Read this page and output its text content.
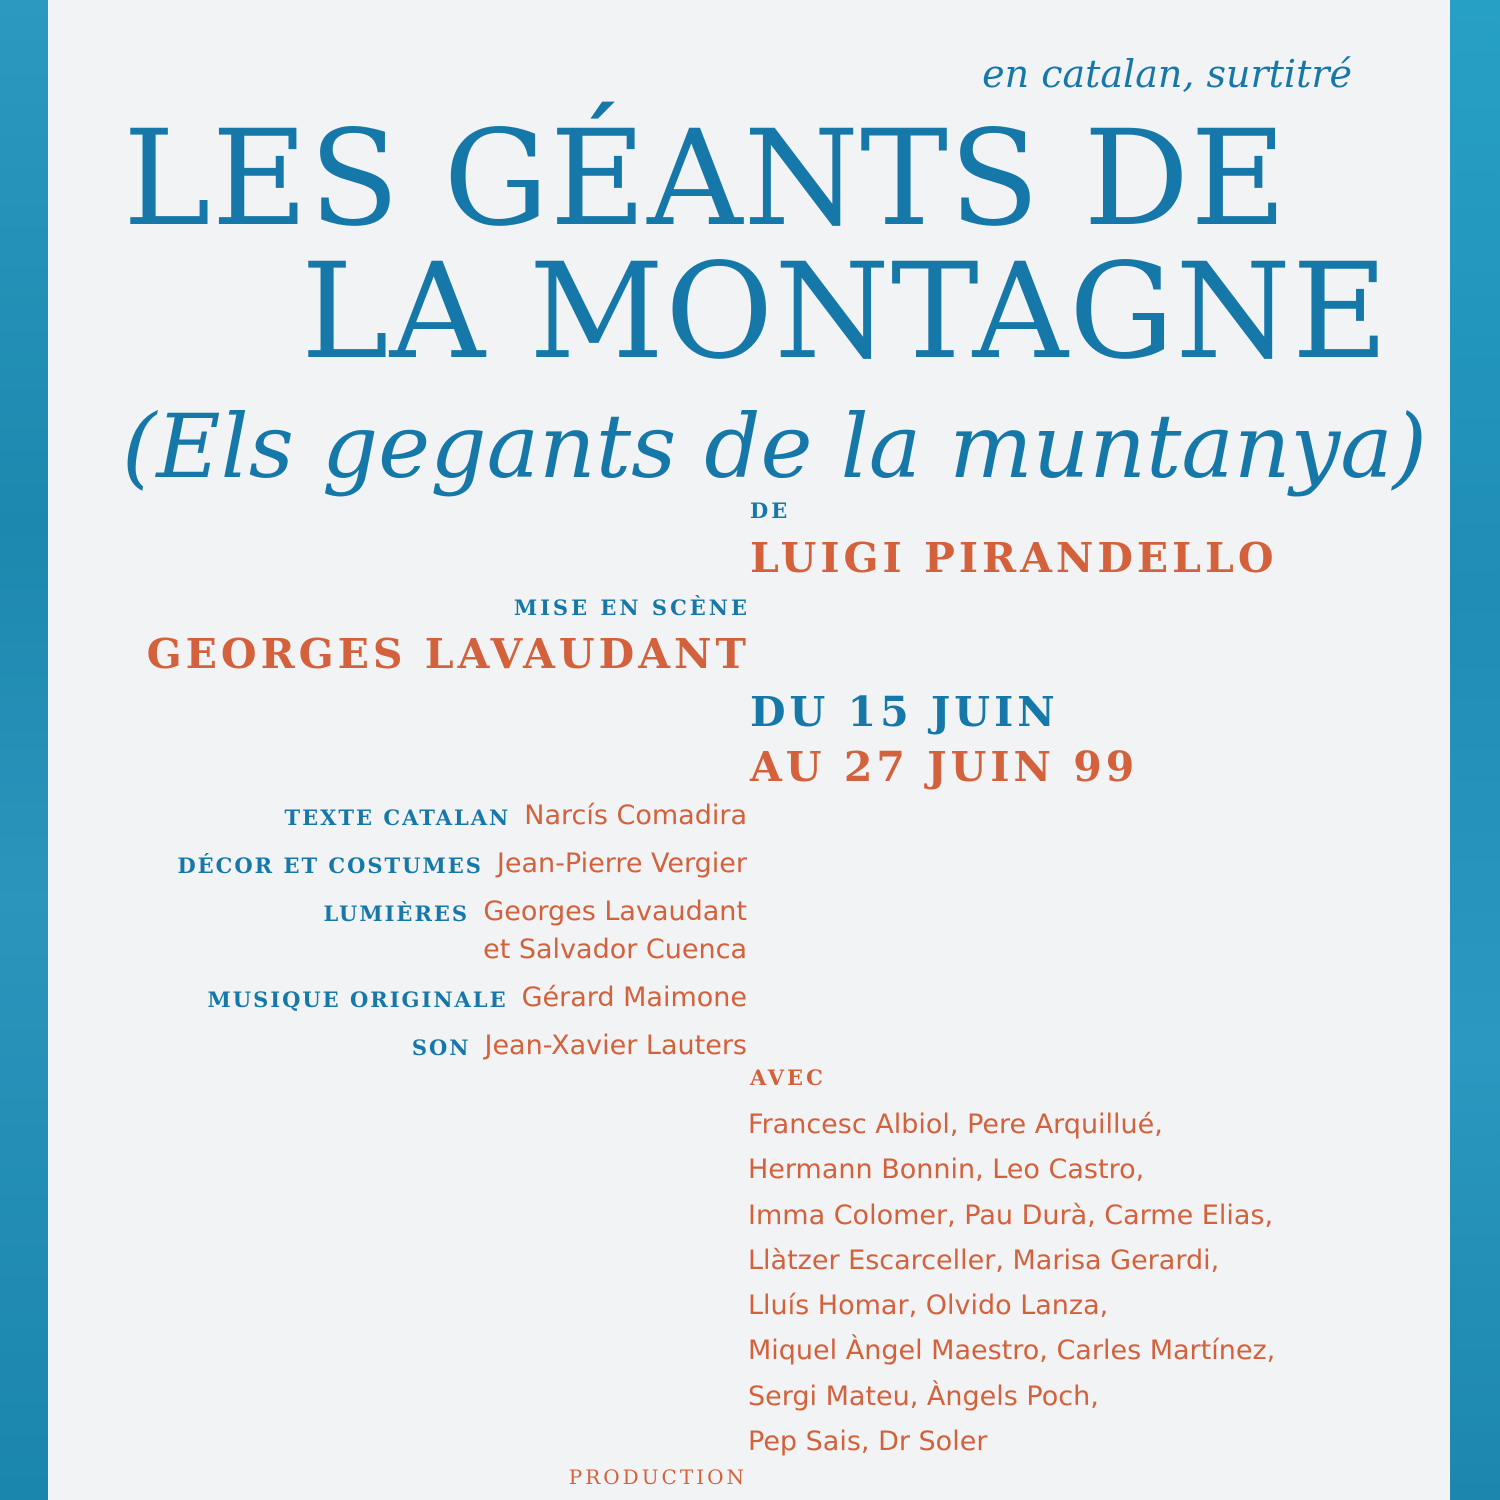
en catalan, surtitré
LES GÉANTS DE
LA MONTAGNE
(Els gegants de la muntanya)
DE
LUIGI PIRANDELLO
MISE EN SCÈNE
GEORGES LAVAUDANT
DU 15 JUIN
AU 27 JUIN 99
TEXTE CATALAN Narcís Comadira
DÉCOR ET COSTUMES Jean-Pierre Vergier
LUMIÈRES Georges Lavaudant
et Salvador Cuenca
MUSIQUE ORIGINALE Gérard Maimone
SON Jean-Xavier Lauters
AVEC
Francesc Albiol, Pere Arquillué,
Hermann Bonnin, Leo Castro,
Imma Colomer, Pau Durà, Carme Elias,
Llàtzer Escarceller, Marisa Gerardi,
Lluís Homar, Olvido Lanza,
Miquel Àngel Maestro, Carles Martínez,
Sergi Mateu, Àngels Poch,
Pep Sais, Dr Soler
PRODUCTION
